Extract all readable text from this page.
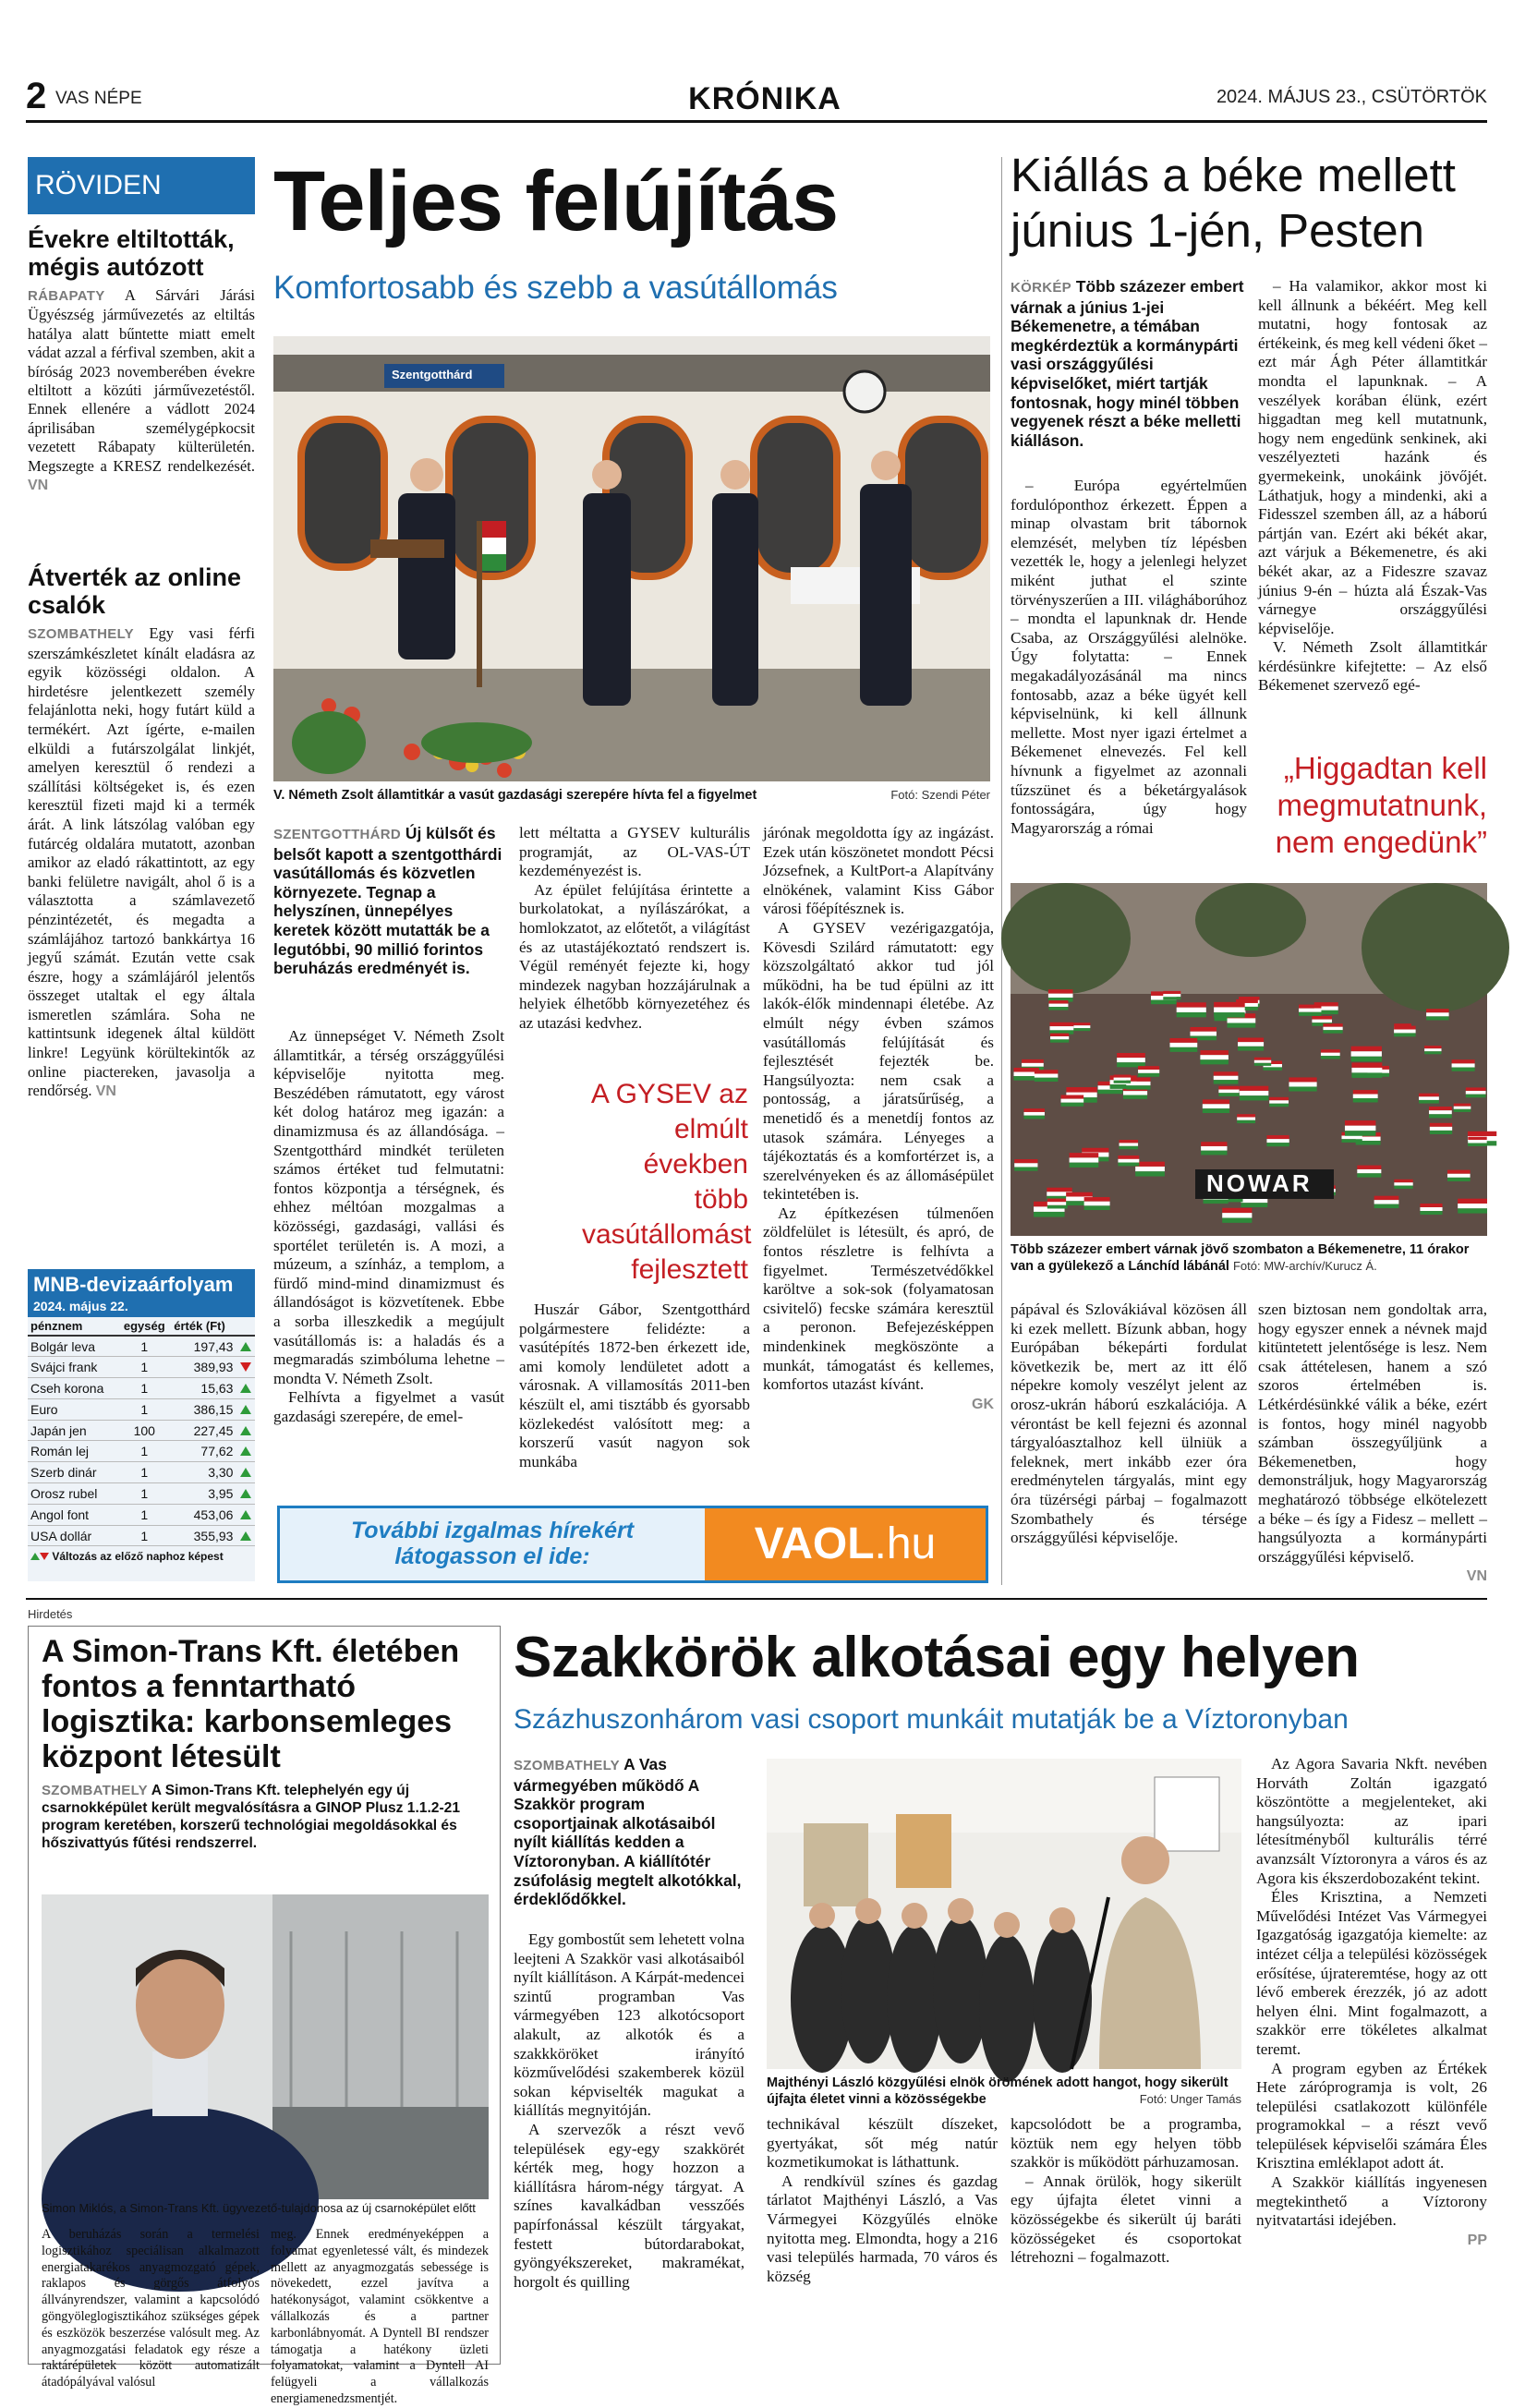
2 VAS NÉPE	KRÓNIKA	2024. MÁJUS 23., CSÜTÖRTÖK
RÖVIDEN
Évekre eltiltották, mégis autózott
RÁBAPATY A Sárvári Járási Ügyészség járművezetés az eltiltás hatálya alatt bűntette miatt emelt vádat azzal a férfival szemben, akit a bíróság 2023 novemberében évekre eltiltott a közúti járművezetéstől. Ennek ellenére a vádlott 2024 áprilisában személygépkocsit vezetett Rábapaty külterületén. Megszegte a KRESZ rendelkezését. VN
Átverték az online csalók
SZOMBATHELY Egy vasi férfi szerszámkészletet kínált eladásra az egyik közösségi oldalon. A hirdetésre jelentkezett személy felajánlotta neki, hogy futárt küld a termékért. Azt ígérte, e-mailen elküldi a futárszolgálat linkjét, amelyen keresztül ő rendezi a szállítási költségeket is, és ezen keresztül fizeti majd ki a termék árát. A link látszólag valóban egy futárcég oldalára mutatott, azonban amikor az eladó rákattintott, az egy banki felületre navigált, ahol ő is a választotta a számlavezető pénzintézetét, és megadta a számlájához tartozó bankkártya 16 jegyű számát. Ezután vette csak észre, hogy a számlájáról jelentős összeget utaltak el egy általa ismeretlen számlára. Soha ne kattintsunk idegenek által küldött linkre! Legyünk körültekintők az online piactereken, javasolja a rendőrség. VN
MNB-devizaárfolyam
2024. május 22.
pénznem	egység	érték (Ft)	
Bolgár leva	1	197,43	
Svájci frank	1	389,93	
Cseh korona	1	15,63	
Euro	1	386,15	
Japán jen	100	227,45	
Román lej	1	77,62	
Szerb dinár	1	3,30	
Orosz rubel	1	3,95	
Angol font	1	453,06	
USA dollár	1	355,93	
Változás az előző naphoz képest
Teljes felújítás
Komfortosabb és szebb a vasútállomás
Szentgotthárd
V. Németh Zsolt államtitkár a vasút gazdasági szerepére hívta fel a figyelmet	Fotó: Szendi Péter
SZENTGOTTHÁRD Új külsőt és belsőt kapott a szentgotthárdi vasútállomás és közvetlen környezete. Tegnap a helyszínen, ünnepélyes keretek között mutatták be a legutóbbi, 90 millió forintos beruházás eredményét is.

Az ünnepséget V. Németh Zsolt államtitkár, a térség országgyűlési képviselője nyitotta meg. Beszédében rámutatott, egy várost két dolog határoz meg igazán: a dinamizmusa és az állandósága. – Szentgotthárd mindkét területen számos értéket tud felmutatni: fontos központja a térségnek, és ehhez méltóan mozgalmas a közösségi, gazdasági, vallási és sportélet területén is. A mozi, a múzeum, a színház, a templom, a fürdő mind-mind dinamizmust és állandóságot is közvetítenek. Ebbe a sorba illeszkedik a megújult vasútállomás is: a haladás és a megmaradás szimbóluma lehetne – mondta V. Németh Zsolt.

Felhívta a figyelmet a vasút gazdasági szerepére, de emel-

lett méltatta a GYSEV kulturális programját, az OL-VAS-ÚT kezdeményezést is.

Az épület felújítása érintette a burkolatokat, a nyílászárókat, a homlokzatot, az előtetőt, a világítást és az utastájékoztató rendszert is. Végül reményét fejezte ki, hogy mindezek nagyban hozzájárulnak a helyiek élhetőbb környezetéhez és az utazási kedvhez.

A GYSEV az elmúlt években több vasútállomást fejlesztett

Huszár Gábor, Szentgotthárd polgármestere felidézte: a vasútépítés 1872-ben érkezett ide, ami komoly lendületet adott a városnak. A villamosítás 2011-ben készült el, ami tisztább és gyorsabb közlekedést valósított meg: a korszerű vasút nagyon sok munkába

járónak megoldotta így az ingázást. Ezek után köszönetet mondott Pécsi Józsefnek, a KultPort-a Alapítvány elnökének, valamint Kiss Gábor városi főépítésznek is.

A GYSEV vezérigazgatója, Kövesdi Szilárd rámutatott: egy közszolgáltató akkor tud jól működni, ha be tud épülni az itt lakók-élők mindennapi életébe. Az elmúlt négy évben számos vasútállomás felújítását és fejlesztését fejezték be. Hangsúlyozta: nem csak a pontosság, a járatsűrűség, a menetidő és a menetdíj fontos az utasok számára. Lényeges a tájékoztatás és a komfortérzet is, a szerelvényeken és az állomásépület tekintetében is.

Az építkezésen túlmenően zöldfelület is létesült, és apró, de fontos részletre is felhívta a figyelmet. Természetvédőkkel karöltve a sok-sok (folyamatosan csivitelő) fecske számára keresztül a peronon. Befejezésképpen mindenkinek megköszönte a munkát, támogatást és kellemes, komfortos utazást kívánt.

GK
További izgalmas hírekért
látogasson el ide:	VAOL.hu
Kiállás a béke mellett június 1-jén, Pesten
KÖRKÉP Több százezer embert várnak a június 1-jei Békemenetre, a témában megkérdeztük a kormánypárti vasi országgyűlési képviselőket, miért tartják fontosnak, hogy minél többen vegyenek részt a béke melletti kiálláson.

– Európa egyértelműen fordulóponthoz érkezett. Éppen a minap olvastam brit tábornok elemzését, melyben tíz lépésben vezették le, hogy a jelenlegi helyzet miként juthat el szinte törvényszerűen a III. világháborúhoz – mondta el lapunknak dr. Hende Csaba, az Országgyűlési alelnöke. Úgy folytatta: – Ennek megakadályozásánál ma nincs fontosabb, azaz a béke ügyét kell képviselnünk, ki kell állnunk mellette. Most nyer igazi értelmet a Békemenet elnevezés. Fel kell hívnunk a figyelmet az azonnali tűzszünet és a béketárgyalások fontosságára, úgy hogy Magyarország a római

– Ha valamikor, akkor most ki kell állnunk a békéért. Meg kell mutatni, hogy fontosak az értékeink, és meg kell védeni őket – ezt már Ágh Péter államtitkár mondta el lapunknak. – A veszélyek korában élünk, ezért higgadtan meg kell mutatnunk, hogy nem engedünk senkinek, aki veszélyezteti hazánk és gyermekeink, unokáink jövőjét. Láthatjuk, hogy a mindenki, aki a Fidesszel szemben áll, az a háború pártján van. Ezért aki békét akar, azt várjuk a Békemenetre, és aki békét akar, az a Fideszre szavaz június 9-én – húzta alá Észak-Vas várnegye országgyűlési képviselője.

V. Németh Zsolt államtitkár kérdésünkre kifejtette: – Az első Békemenet szervező egé-

„Higgadtan kell megmutatnunk, nem engedünk”
NOWAR
Több százezer embert várnak jövő szombaton a Békemenetre, 11 órakor van a gyülekező a Lánchíd lábánál Fotó: MW-archív/Kurucz Á.

pápával és Szlovákiával közösen áll ki ezek mellett. Bízunk abban, hogy Európában békepárti fordulat következik be, mert az itt élő népekre komoly veszélyt jelent az orosz-ukrán háború eszkalációja. A vérontást be kell fejezni és azonnal tárgyalóasztalhoz kell ülniük a feleknek, mert inkább ezer óra eredménytelen tárgyalás, mint egy óra tüzérségi párbaj – fogalmazott Szombathely és térsége országgyűlési képviselője.

szen biztosan nem gondoltak arra, hogy egyszer ennek a névnek majd kitüntetett jelentősége is lesz. Nem csak áttételesen, hanem a szó szoros értelmében is. Létkérdésünkké válik a béke, ezért is fontos, hogy minél nagyobb számban összegyűljünk a Békemenetben, hogy demonstráljuk, hogy Magyarország meghatározó többsége elkötelezett a béke – és így a Fidesz – mellett – hangsúlyozta a kormánypárti országgyűlési képviselő.

VN
Hirdetés
A Simon-Trans Kft. életében fontos a fenntartható logisztika: karbonsemleges központ létesült
SZOMBATHELY A Simon-Trans Kft. telephelyén egy új csarnokképület került megvalósításra a GINOP Plusz 1.1.2-21 program keretében, korszerű technológiai megoldásokkal és hőszivattyús fűtési rendszerrel.
Simon Miklós, a Simon-Trans Kft. ügyvezető-tulajdonosa az új csarnoképület előtt
A beruházás során a termelési logisztikához speciálisan alkalmazott energiatakarékos anyagmozgató gépek, raklapos és görgős átfolyós állványrendszer, valamint a kapcsolódó göngyöleglogisztikához szükséges gépek és eszközök beszerzése valósult meg. Az anyagmozgatási feladatok egy része a raktárépületek között automatizált átadópályával valósul
meg. Ennek eredményeképpen a folyamat egyenletessé vált, és mindezek mellett az anyagmozgatás sebessége is növekedett, ezzel javítva a hatékonyságot, valamint csökkentve a vállalkozás és a partner karbonlábnyomát. A Dyntell BI rendszer támogatja a hatékony üzleti folyamatokat, valamint a Dyntell AI felügyeli a vállalkozás energiamenedzsmentjét.
Szakkörök alkotásai egy helyen
Százhuszonhárom vasi csoport munkáit mutatják be a Víztoronyban
SZOMBATHELY A Vas vármegyében működő A Szakkör program csoportjainak alkotásaiból nyílt kiállítás kedden a Víztoronyban. A kiállítótér zsúfolásig megtelt alkotókkal, érdeklődőkkel.

Egy gombostűt sem lehetett volna leejteni A Szakkör vasi alkotásaiból nyílt kiállításon. A Kárpát-medencei szintű programban Vas vármegyében 123 alkotócsoport alakult, az alkotók és a szakkköröket irányító közművelődési szakemberek közül sokan képviselték magukat a kiállítás megnyitóján.

A szervezők a részt vevő települések egy-egy szakkörét kérték meg, hogy hozzon a kiállításra három-négy tárgyat. A színes kavalkádban vesszőés papírfonással készült tárgyakat, festett bútordarabokat, gyöngyékszereket, makramékat, horgolt és quilling

Majthényi László közgyűlési elnök örömének adott hangot, hogy sikerült újfajta életet vinni a közösségekbe	Fotó: Unger Tamás

technikával készült díszeket, gyertyákat, sőt még natúr kozmetikumokat is láthattunk.

A rendkívül színes és gazdag tárlatot Majthényi László, a Vas Vármegyei Közgyűlés elnöke nyitotta meg. Elmondta, hogy a 216 vasi település harmada, 70 város és község

kapcsolódott be a programba, köztük nem egy helyen több szakkör is működött párhuzamosan.

– Annak örülök, hogy sikerült egy újfajta életet vinni a közösségekbe és sikerült új baráti közösségeket és csoportokat létrehozni – fogalmazott.

Az Agora Savaria Nkft. nevében Horváth Zoltán igazgató köszöntötte a megjelenteket, aki hangsúlyozta: az ipari létesítményből kulturális térré avanzsált Víztoronyra a város és az Agora kis ékszerdobozaként tekint.

Éles Krisztina, a Nemzeti Művelődési Intézet Vas Vármegyei Igazgatóság igazgatója kiemelte: az intézet célja a települési közösségek erősítése, újrateremtése, hogy az ott lévő emberek érezzék, jó az adott helyen élni. Mint fogalmazott, a szakkör erre tökéletes alkalmat teremt.

A program egyben az Értékek Hete záróprogramja is volt, 26 települési csatlakozott különféle programokkal – a részt vevő települések képviselői számára Éles Krisztina emléklapot adott át.

A Szakkör kiállítás ingyenesen megtekinthető a Víztorony nyitvatartási idejében.

PP
